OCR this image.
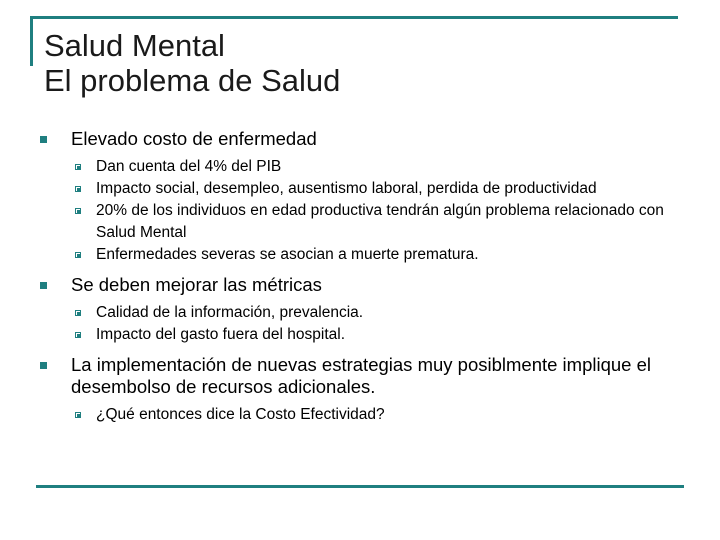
Salud Mental
El problema de Salud
Elevado costo de enfermedad
Dan cuenta del 4% del PIB
Impacto social, desempleo, ausentismo laboral, perdida de productividad
20% de los individuos en edad productiva tendrán algún problema relacionado con Salud Mental
Enfermedades severas se asocian a muerte prematura.
Se deben mejorar las métricas
Calidad de la información, prevalencia.
Impacto del gasto fuera del hospital.
La implementación de nuevas estrategias muy posiblmente implique el desembolso de recursos adicionales.
¿Qué entonces dice la Costo Efectividad?
